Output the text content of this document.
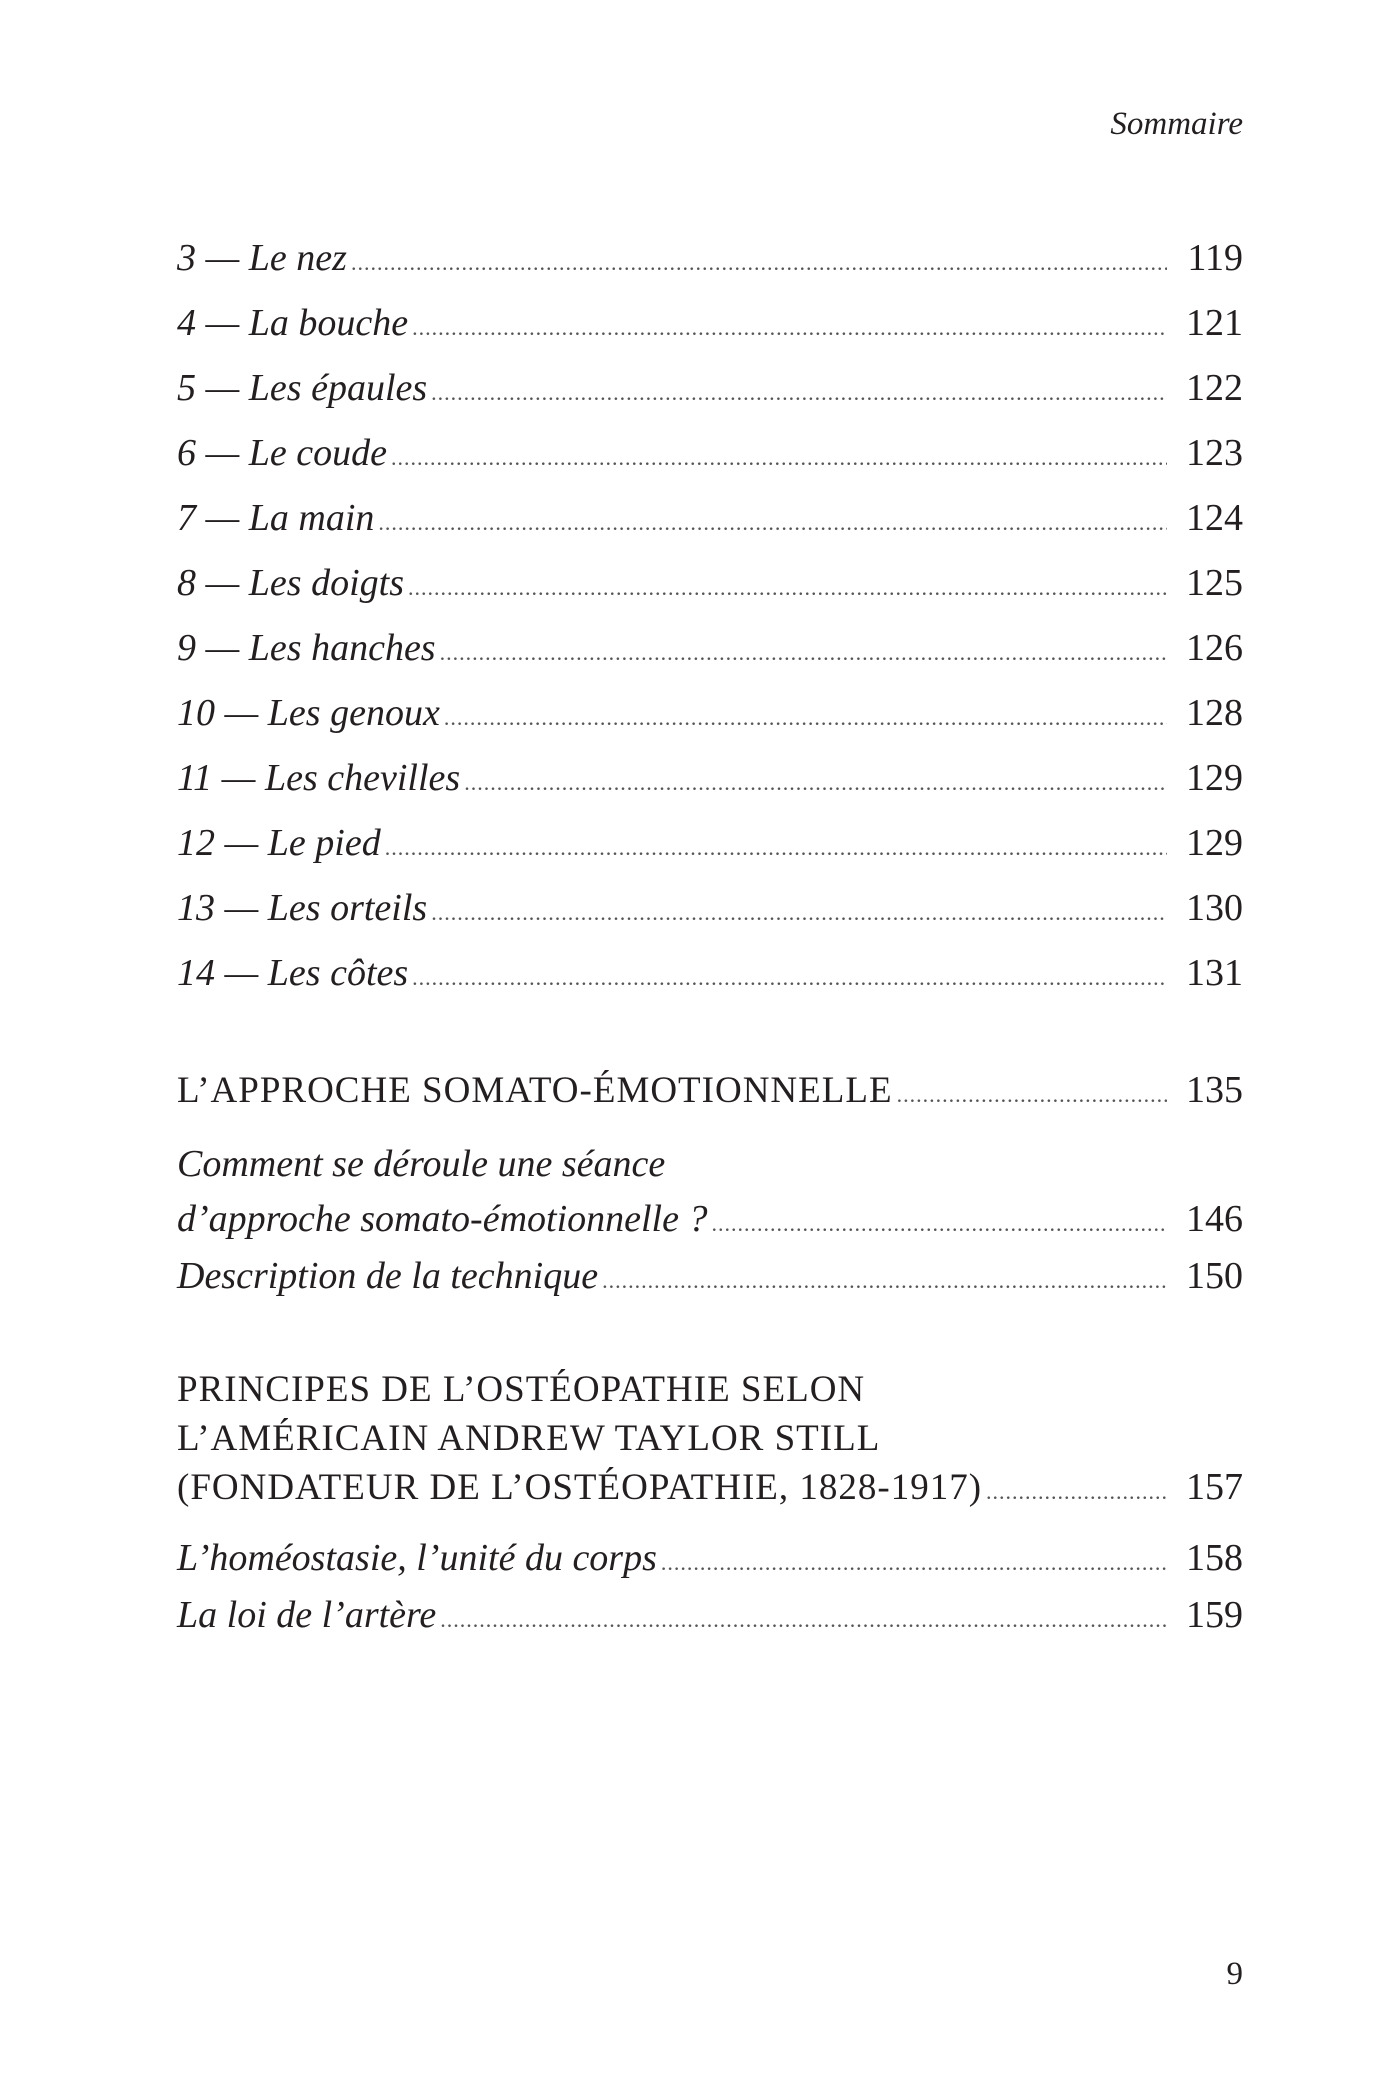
Sommaire
3 — Le nez .....	119
4 — La bouche .....	121
5 — Les épaules .....	122
6 — Le coude .....	123
7 — La main .....	124
8 — Les doigts .....	125
9 — Les hanches .....	126
10 — Les genoux .....	128
11 — Les chevilles .....	129
12 — Le pied .....	129
13 — Les orteils .....	130
14 — Les côtes .....	131
L’APPROCHE SOMATO-ÉMOTIONNELLE .....	135
Comment se déroule une séance
d’approche somato-émotionnelle ? .....	146
Description de la technique .....	150
PRINCIPES DE L’OSTÉOPATHIE SELON
L’AMÉRICAIN ANDREW TAYLOR STILL
(FONDATEUR DE L’OSTÉOPATHIE, 1828-1917) .....	157
L’homéostasie, l’unité du corps .....	158
La loi de l’artère .....	159
9
